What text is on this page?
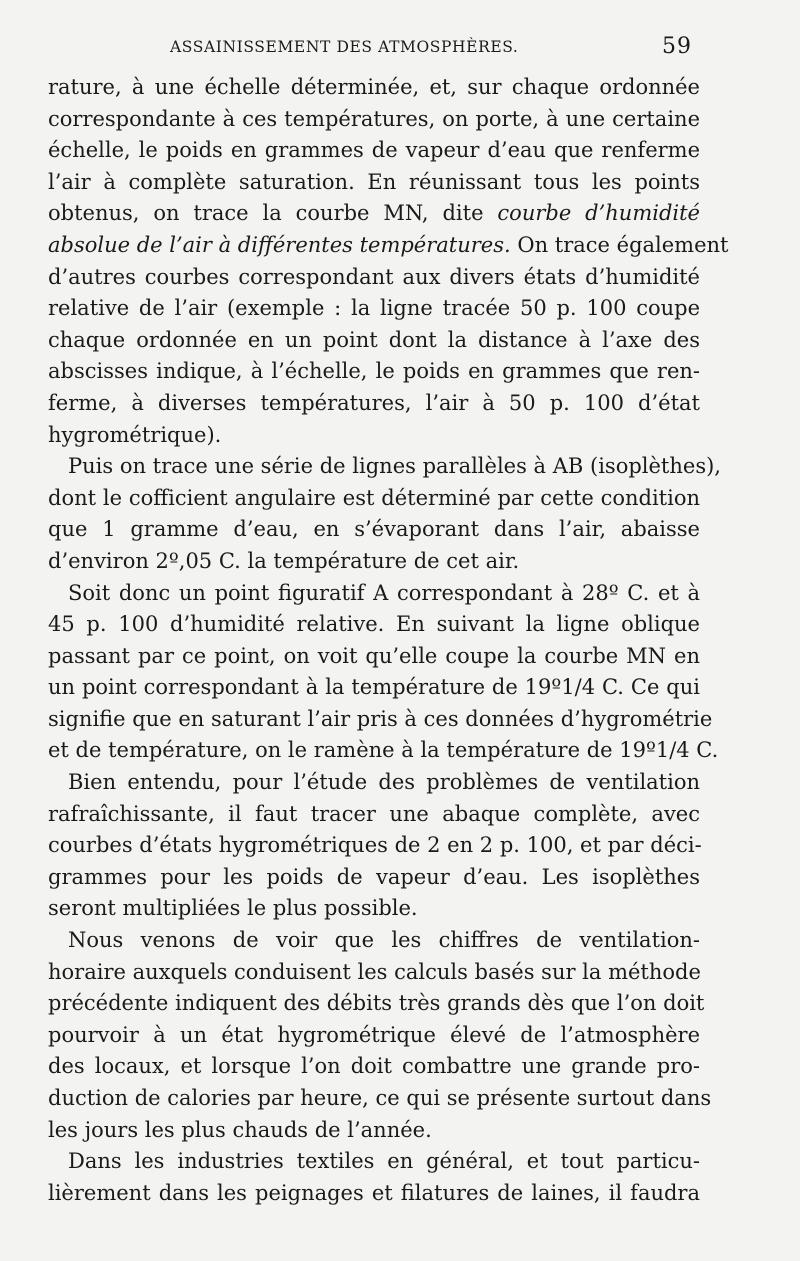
ASSAINISSEMENT DES ATMOSPHÈRES.	59
rature, à une échelle déterminée, et, sur chaque ordonnée
correspondante à ces températures, on porte, à une certaine
échelle, le poids en grammes de vapeur d’eau que renferme
l’air à complète saturation. En réunissant tous les points
obtenus, on trace la courbe MN, dite courbe d’humidité
absolue de l’air à différentes températures. On trace également
d’autres courbes correspondant aux divers états d’humidité
relative de l’air (exemple : la ligne tracée 50 p. 100 coupe
chaque ordonnée en un point dont la distance à l’axe des
abscisses indique, à l’échelle, le poids en grammes que ren-
ferme, à diverses températures, l’air à 50 p. 100 d’état
hygrométrique).
Puis on trace une série de lignes parallèles à AB (isoplèthes),
dont le cofficient angulaire est déterminé par cette condition
que 1 gramme d’eau, en s’évaporant dans l’air, abaisse
d’environ 2º,05 C. la température de cet air.
Soit donc un point figuratif A correspondant à 28º C. et à
45 p. 100 d’humidité relative. En suivant la ligne oblique
passant par ce point, on voit qu’elle coupe la courbe MN en
un point correspondant à la température de 19º1/4 C. Ce qui
signifie que en saturant l’air pris à ces données d’hygrométrie
et de température, on le ramène à la température de 19º1/4 C.
Bien entendu, pour l’étude des problèmes de ventilation
rafraîchissante, il faut tracer une abaque complète, avec
courbes d’états hygrométriques de 2 en 2 p. 100, et par déci-
grammes pour les poids de vapeur d’eau. Les isoplèthes
seront multipliées le plus possible.
Nous venons de voir que les chiffres de ventilation-
horaire auxquels conduisent les calculs basés sur la méthode
précédente indiquent des débits très grands dès que l’on doit
pourvoir à un état hygrométrique élevé de l’atmosphère
des locaux, et lorsque l’on doit combattre une grande pro-
duction de calories par heure, ce qui se présente surtout dans
les jours les plus chauds de l’année.
Dans les industries textiles en général, et tout particu-
lièrement dans les peignages et filatures de laines, il faudra
